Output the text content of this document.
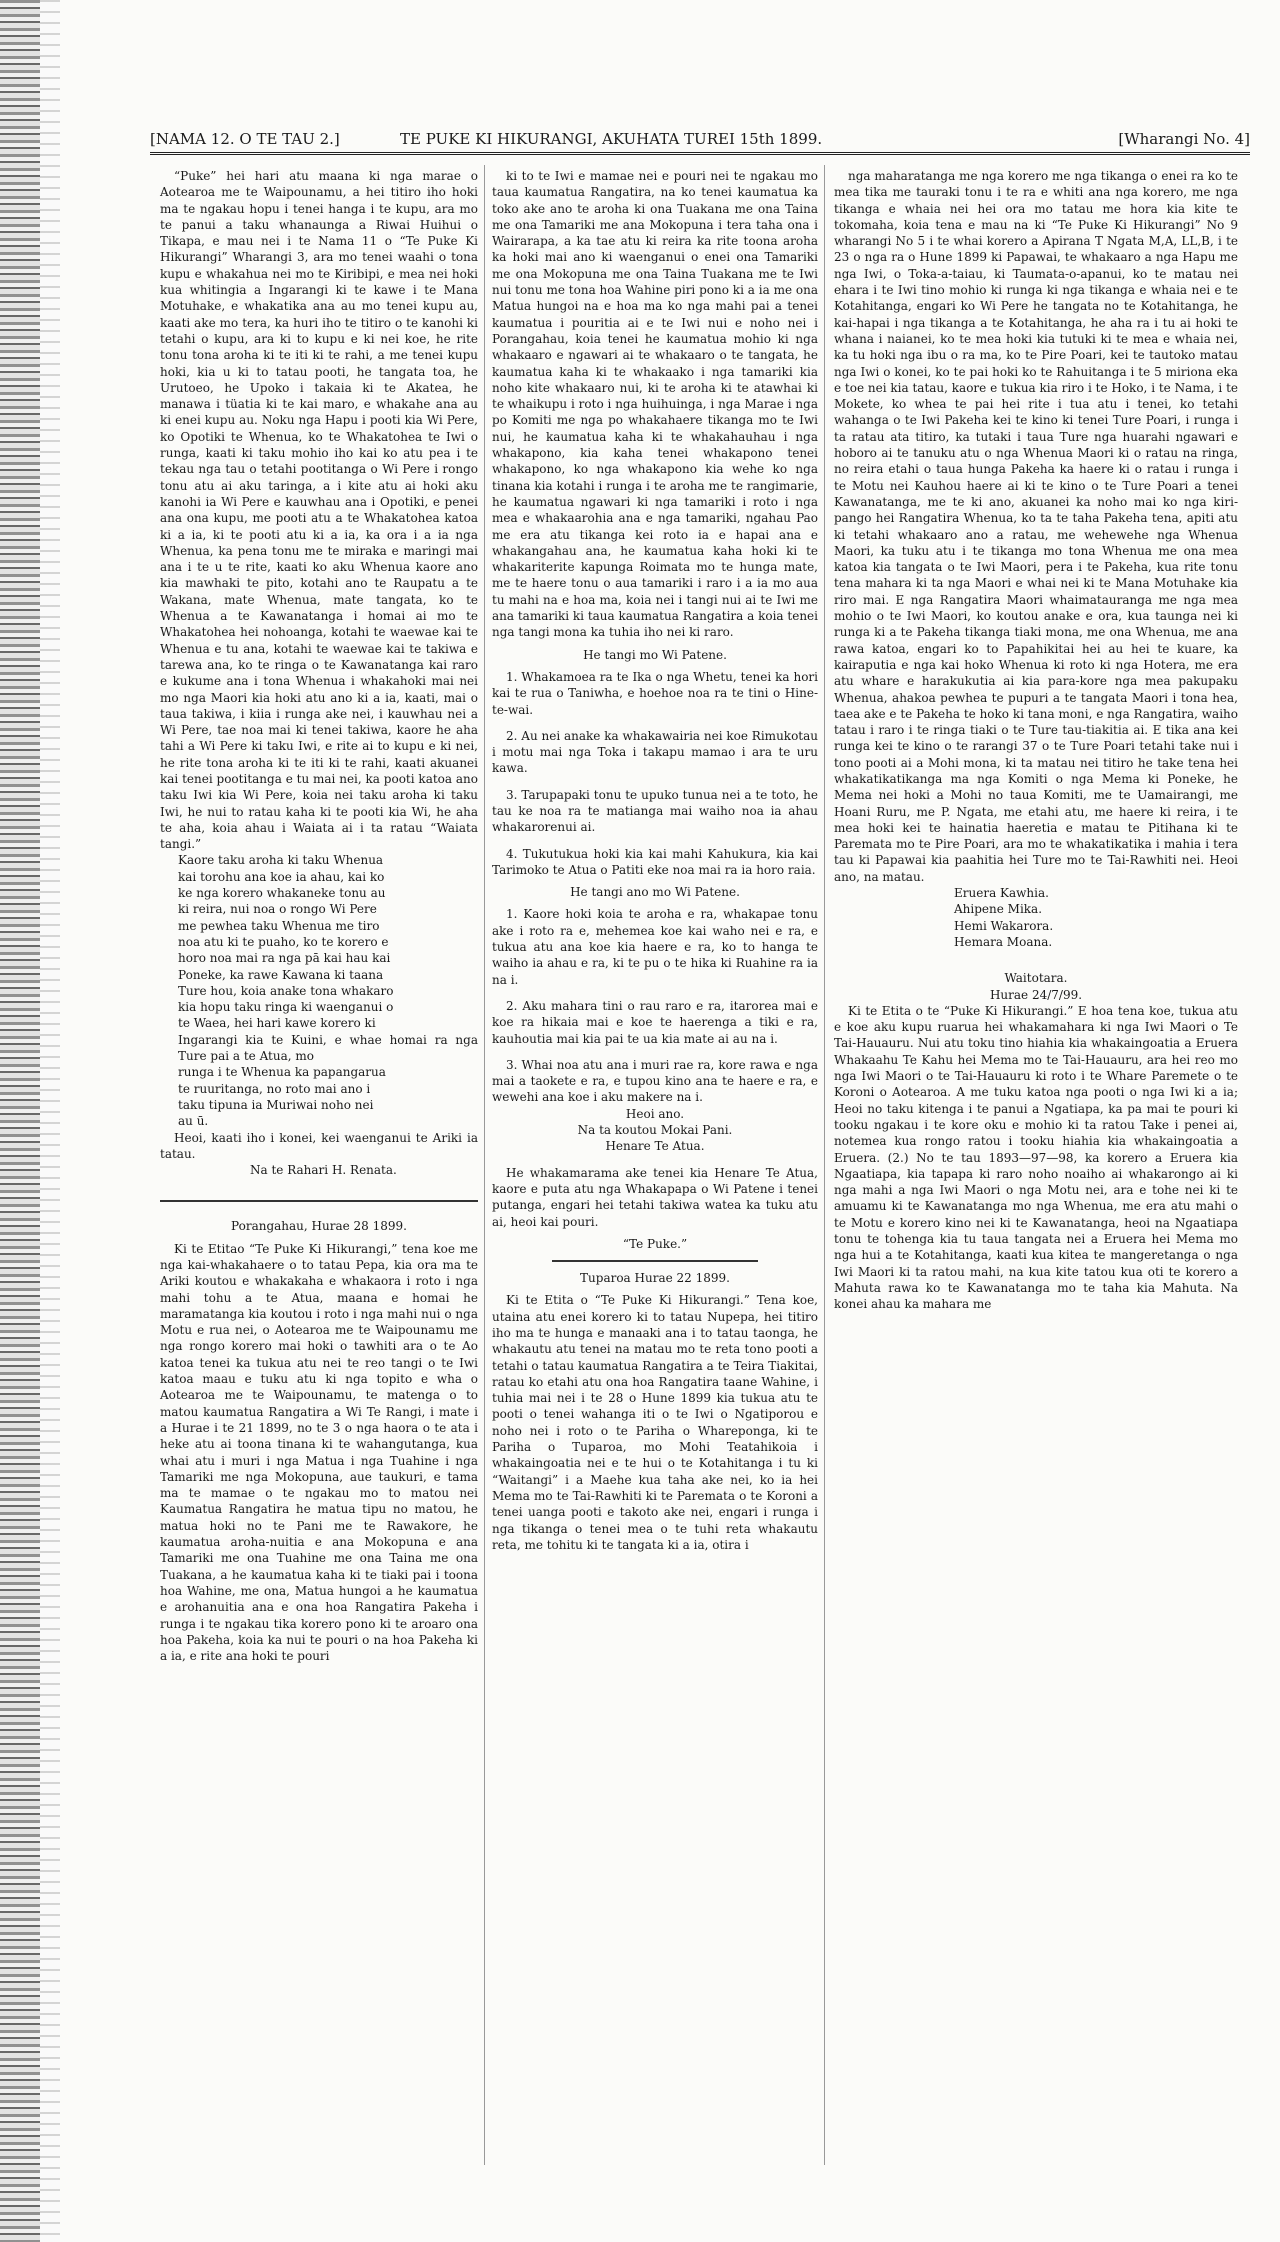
[NAMA 12. O TE TAU 2.]	TE PUKE KI HIKURANGI, AKUHATA TUREI 15th 1899.	[Wharangi No. 4]

“Puke” hei hari atu maana ki nga marae o Aotearoa me te Waipounamu, a hei titiro iho hoki ma te ngakau hopu i tenei hanga i te kupu, ara mo te panui a taku whanaunga a Riwai Huihui o Tikapa, e mau nei i te Nama 11 o “Te Puke Ki Hikurangi” Wharangi 3, ara mo tenei waahi o tona kupu e whakahua nei mo te Kiribipi, e mea nei hoki kua whitingia a Ingarangi ki te kawe i te Mana Motuhake, e whakatika ana au mo tenei kupu au, kaati ake mo tera, ka huri iho te titiro o te kanohi ki tetahi o kupu, ara ki to kupu e ki nei koe, he rite tonu tona aroha ki te iti ki te rahi, a me tenei kupu hoki, kia u ki to tatau pooti, he tangata toa, he Urutoeo, he Upoko i takaia ki te Akatea, he manawa i tüatia ki te kai maro, e whakahe ana au ki enei kupu au. Noku nga Hapu i pooti kia Wi Pere, ko Opotiki te Whenua, ko te Whakatohea te Iwi o runga, kaati ki taku mohio iho kai ko atu pea i te tekau nga tau o tetahi pootitanga o Wi Pere i rongo tonu atu ai aku taringa, a i kite atu ai hoki aku kanohi ia Wi Pere e kauwhau ana i Opotiki, e penei ana ona kupu, me pooti atu a te Whakatohea katoa ki a ia, ki te pooti atu ki a ia, ka ora i a ia nga Whenua, ka pena tonu me te miraka e maringi mai ana i te u te rite, kaati ko aku Whenua kaore ano kia mawhaki te pito, kotahi ano te Raupatu a te Wakana, mate Whenua, mate tangata, ko te Whenua a te Kawanatanga i homai ai mo te Whakatohea hei nohoanga, kotahi te waewae kai te Whenua e tu ana, kotahi te waewae kai te takiwa e tarewa ana, ko te ringa o te Kawanatanga kai raro e kukume ana i tona Whenua i whakahoki mai nei mo nga Maori kia hoki atu ano ki a ia, kaati, mai o taua takiwa, i kiia i runga ake nei, i kauwhau nei a Wi Pere, tae noa mai ki tenei takiwa, kaore he aha tahi a Wi Pere ki taku Iwi, e rite ai to kupu e ki nei, he rite tona aroha ki te iti ki te rahi, kaati akuanei kai tenei pootitanga e tu mai nei, ka pooti katoa ano taku Iwi kia Wi Pere, koia nei taku aroha ki taku Iwi, he nui to ratau kaha ki te pooti kia Wi, he aha te aha, koia ahau i Waiata ai i ta ratau “Waiata tangi.”

Kaore taku aroha ki taku Whenua
kai torohu ana koe ia ahau, kai ko
ke nga korero whakaneke tonu au
ki reira, nui noa o rongo Wi Pere
me pewhea taku Whenua me tiro
noa atu ki te puaho, ko te korero e
horo noa mai ra nga pā kai hau kai
Poneke, ka rawe Kawana ki taana
Ture hou, koia anake tona whakaro
kia hopu taku ringa ki waenganui o
te Waea, hei hari kawe korero ki
Ingarangi kia te Kuini, e whae homai ra nga Ture pai a te Atua, mo
runga i te Whenua ka papangarua
te ruuritanga, no roto mai ano i
taku tipuna ia Muriwai noho nei
au ū.

Heoi, kaati iho i konei, kei waenganui te Ariki ia tatau.

Na te Rahari H. Renata.

Porangahau, Hurae 28 1899.

Ki te Etitao “Te Puke Ki Hikurangi,” tena koe me nga kai-whakahaere o to tatau Pepa, kia ora ma te Ariki koutou e whakakaha e whakaora i roto i nga mahi tohu a te Atua, maana e homai he maramatanga kia koutou i roto i nga mahi nui o nga Motu e rua nei, o Aotearoa me te Waipounamu me nga rongo korero mai hoki o tawhiti ara o te Ao katoa tenei ka tukua atu nei te reo tangi o te Iwi katoa maau e tuku atu ki nga topito e wha o Aotearoa me te Waipounamu, te matenga o to matou kaumatua Rangatira a Wi Te Rangi, i mate i a Hurae i te 21 1899, no te 3 o nga haora o te ata i heke atu ai toona tinana ki te wahangutanga, kua whai atu i muri i nga Matua i nga Tuahine i nga Tamariki me nga Mokopuna, aue taukuri, e tama ma te mamae o te ngakau mo to matou nei Kaumatua Rangatira he matua tipu no matou, he matua hoki no te Pani me te Rawakore, he kaumatua aroha-nuitia e ana Mokopuna e ana Tamariki me ona Tuahine me ona Taina me ona Tuakana, a he kaumatua kaha ki te tiaki pai i toona hoa Wahine, me ona, Matua hungoi a he kaumatua e arohanuitia ana e ona hoa Rangatira Pakeha i runga i te ngakau tika korero pono ki te aroaro ona hoa Pakeha, koia ka nui te pouri o na hoa Pakeha ki a ia, e rite ana hoki te pouri

ki to te Iwi e mamae nei e pouri nei te ngakau mo taua kaumatua Rangatira, na ko tenei kaumatua ka toko ake ano te aroha ki ona Tuakana me ona Taina me ona Tamariki me ana Mokopuna i tera taha ona i Wairarapa, a ka tae atu ki reira ka rite toona aroha ka hoki mai ano ki waenganui o enei ona Tamariki me ona Mokopuna me ona Taina Tuakana me te Iwi nui tonu me tona hoa Wahine piri pono ki a ia me ona Matua hungoi na e hoa ma ko nga mahi pai a tenei kaumatua i pouritia ai e te Iwi nui e noho nei i Porangahau, koia tenei he kaumatua mohio ki nga whakaaro e ngawari ai te whakaaro o te tangata, he kaumatua kaha ki te whakaako i nga tamariki kia noho kite whakaaro nui, ki te aroha ki te atawhai ki te whaikupu i roto i nga huihuinga, i nga Marae i nga po Komiti me nga po whakahaere tikanga mo te Iwi nui, he kaumatua kaha ki te whakahauhau i nga whakapono, kia kaha tenei whakapono tenei whakapono, ko nga whakapono kia wehe ko nga tinana kia kotahi i runga i te aroha me te rangimarie, he kaumatua ngawari ki nga tamariki i roto i nga mea e whakaarohia ana e nga tamariki, ngahau Pao me era atu tikanga kei roto ia e hapai ana e whakangahau ana, he kaumatua kaha hoki ki te whakariterite kapunga Roimata mo te hunga mate, me te haere tonu o aua tamariki i raro i a ia mo aua tu mahi na e hoa ma, koia nei i tangi nui ai te Iwi me ana tamariki ki taua kaumatua Rangatira a koia tenei nga tangi mona ka tuhia iho nei ki raro.

He tangi mo Wi Patene.

1. Whakamoea ra te Ika o nga Whetu, tenei ka hori kai te rua o Taniwha, e hoehoe noa ra te tini o Hine-te-wai.

2. Au nei anake ka whakawairia nei koe Rimukotau i motu mai nga Toka i takapu mamao i ara te uru kawa.

3. Tarupapaki tonu te upuko tunua nei a te toto, he tau ke noa ra te matianga mai waiho noa ia ahau whakarorenui ai.

4. Tukutukua hoki kia kai mahi Kahukura, kia kai Tarimoko te Atua o Patiti eke noa mai ra ia horo raia.

He tangi ano mo Wi Patene.

1. Kaore hoki koia te aroha e ra, whakapae tonu ake i roto ra e, mehemea koe kai waho nei e ra, e tukua atu ana koe kia haere e ra, ko to hanga te waiho ia ahau e ra, ki te pu o te hika ki Ruahine ra ia na i.

2. Aku mahara tini o rau raro e ra, itarorea mai e koe ra hikaia mai e koe te haerenga a tiki e ra, kauhoutia mai kia pai te ua kia mate ai au na i.

3. Whai noa atu ana i muri rae ra, kore rawa e nga mai a taokete e ra, e tupou kino ana te haere e ra, e wewehi ana koe i aku makere na i.

Heoi ano.

Na ta koutou Mokai Pani.

Henare Te Atua.

He whakamarama ake tenei kia Henare Te Atua, kaore e puta atu nga Whakapapa o Wi Patene i tenei putanga, engari hei tetahi takiwa watea ka tuku atu ai, heoi kai pouri.

“Te Puke.”

Tuparoa Hurae 22 1899.

Ki te Etita o “Te Puke Ki Hikurangi.” Tena koe, utaina atu enei korero ki to tatau Nupepa, hei titiro iho ma te hunga e manaaki ana i to tatau taonga, he whakautu atu tenei na matau mo te reta tono pooti a tetahi o tatau kaumatua Rangatira a te Teira Tiakitai, ratau ko etahi atu ona hoa Rangatira taane Wahine, i tuhia mai nei i te 28 o Hune 1899 kia tukua atu te pooti o tenei wahanga iti o te Iwi o Ngatiporou e noho nei i roto o te Pariha o Whareponga, ki te Pariha o Tuparoa, mo Mohi Teatahikoia i whakaingoatia nei e te hui o te Kotahitanga i tu ki “Waitangi” i a Maehe kua taha ake nei, ko ia hei Mema mo te Tai-Rawhiti ki te Paremata o te Koroni a tenei uanga pooti e takoto ake nei, engari i runga i nga tikanga o tenei mea o te tuhi reta whakautu reta, me tohitu ki te tangata ki a ia, otira i

nga maharatanga me nga korero me nga tikanga o enei ra ko te mea tika me tauraki tonu i te ra e whiti ana nga korero, me nga tikanga e whaia nei hei ora mo tatau me hora kia kite te tokomaha, koia tena e mau na ki “Te Puke Ki Hikurangi” No 9 wharangi No 5 i te whai korero a Apirana T Ngata M,A, LL,B, i te 23 o nga ra o Hune 1899 ki Papawai, te whakaaro a nga Hapu me nga Iwi, o Toka-a-taiau, ki Taumata-o-apanui, ko te matau nei ehara i te Iwi tino mohio ki runga ki nga tikanga e whaia nei e te Kotahitanga, engari ko Wi Pere he tangata no te Kotahitanga, he kai-hapai i nga tikanga a te Kotahitanga, he aha ra i tu ai hoki te whana i naianei, ko te mea hoki kia tutuki ki te mea e whaia nei, ka tu hoki nga ibu o ra ma, ko te Pire Poari, kei te tautoko matau nga Iwi o konei, ko te pai hoki ko te Rahuitanga i te 5 miriona eka e toe nei kia tatau, kaore e tukua kia riro i te Hoko, i te Nama, i te Mokete, ko whea te pai hei rite i tua atu i tenei, ko tetahi wahanga o te Iwi Pakeha kei te kino ki tenei Ture Poari, i runga i ta ratau ata titiro, ka tutaki i taua Ture nga huarahi ngawari e hoboro ai te tanuku atu o nga Whenua Maori ki o ratau na ringa, no reira etahi o taua hunga Pakeha ka haere ki o ratau i runga i te Motu nei Kauhou haere ai ki te kino o te Ture Poari a tenei Kawanatanga, me te ki ano, akuanei ka noho mai ko nga kiri-pango hei Rangatira Whenua, ko ta te taha Pakeha tena, apiti atu ki tetahi whakaaro ano a ratau, me wehewehe nga Whenua Maori, ka tuku atu i te tikanga mo tona Whenua me ona mea katoa kia tangata o te Iwi Maori, pera i te Pakeha, kua rite tonu tena mahara ki ta nga Maori e whai nei ki te Mana Motuhake kia riro mai. E nga Rangatira Maori whaimatauranga me nga mea mohio o te Iwi Maori, ko koutou anake e ora, kua taunga nei ki runga ki a te Pakeha tikanga tiaki mona, me ona Whenua, me ana rawa katoa, engari ko to Papahikitai hei au hei te kuare, ka kairaputia e nga kai hoko Whenua ki roto ki nga Hotera, me era atu whare e harakukutia ai kia para-kore nga mea pakupaku Whenua, ahakoa pewhea te pupuri a te tangata Maori i tona hea, taea ake e te Pakeha te hoko ki tana moni, e nga Rangatira, waiho tatau i raro i te ringa tiaki o te Ture tau-tiakitia ai. E tika ana kei runga kei te kino o te rarangi 37 o te Ture Poari tetahi take nui i tono pooti ai a Mohi mona, ki ta matau nei titiro he take tena hei whakatikatikanga ma nga Komiti o nga Mema ki Poneke, he Mema nei hoki a Mohi no taua Komiti, me te Uamairangi, me Hoani Ruru, me P. Ngata, me etahi atu, me haere ki reira, i te mea hoki kei te hainatia haeretia e matau te Pitihana ki te Paremata mo te Pire Poari, ara mo te whakatikatika i mahia i tera tau ki Papawai kia paahitia hei Ture mo te Tai-Rawhiti nei. Heoi ano, na matau.

Eruera Kawhia.
Ahipene Mika.
Hemi Wakarora.
Hemara Moana.

Waitotara.

Hurae 24/7/99.

Ki te Etita o te “Puke Ki Hikurangi.” E hoa tena koe, tukua atu e koe aku kupu ruarua hei whakamahara ki nga Iwi Maori o Te Tai-Hauauru. Nui atu toku tino hiahia kia whakaingoatia a Eruera Whakaahu Te Kahu hei Mema mo te Tai-Hauauru, ara hei reo mo nga Iwi Maori o te Tai-Hauauru ki roto i te Whare Paremete o te Koroni o Aotearoa. A me tuku katoa nga pooti o nga Iwi ki a ia; Heoi no taku kitenga i te panui a Ngatiapa, ka pa mai te pouri ki tooku ngakau i te kore oku e mohio ki ta ratou Take i penei ai, notemea kua rongo ratou i tooku hiahia kia whakaingoatia a Eruera. (2.) No te tau 1893—97—98, ka korero a Eruera kia Ngaatiapa, kia tapapa ki raro noho noaiho ai whakarongo ai ki nga mahi a nga Iwi Maori o nga Motu nei, ara e tohe nei ki te amuamu ki te Kawanatanga mo nga Whenua, me era atu mahi o te Motu e korero kino nei ki te Kawanatanga, heoi na Ngaatiapa tonu te tohenga kia tu taua tangata nei a Eruera hei Mema mo nga hui a te Kotahitanga, kaati kua kitea te mangeretanga o nga Iwi Maori ki ta ratou mahi, na kua kite tatou kua oti te korero a Mahuta rawa ko te Kawanatanga mo te taha kia Mahuta. Na konei ahau ka mahara me
